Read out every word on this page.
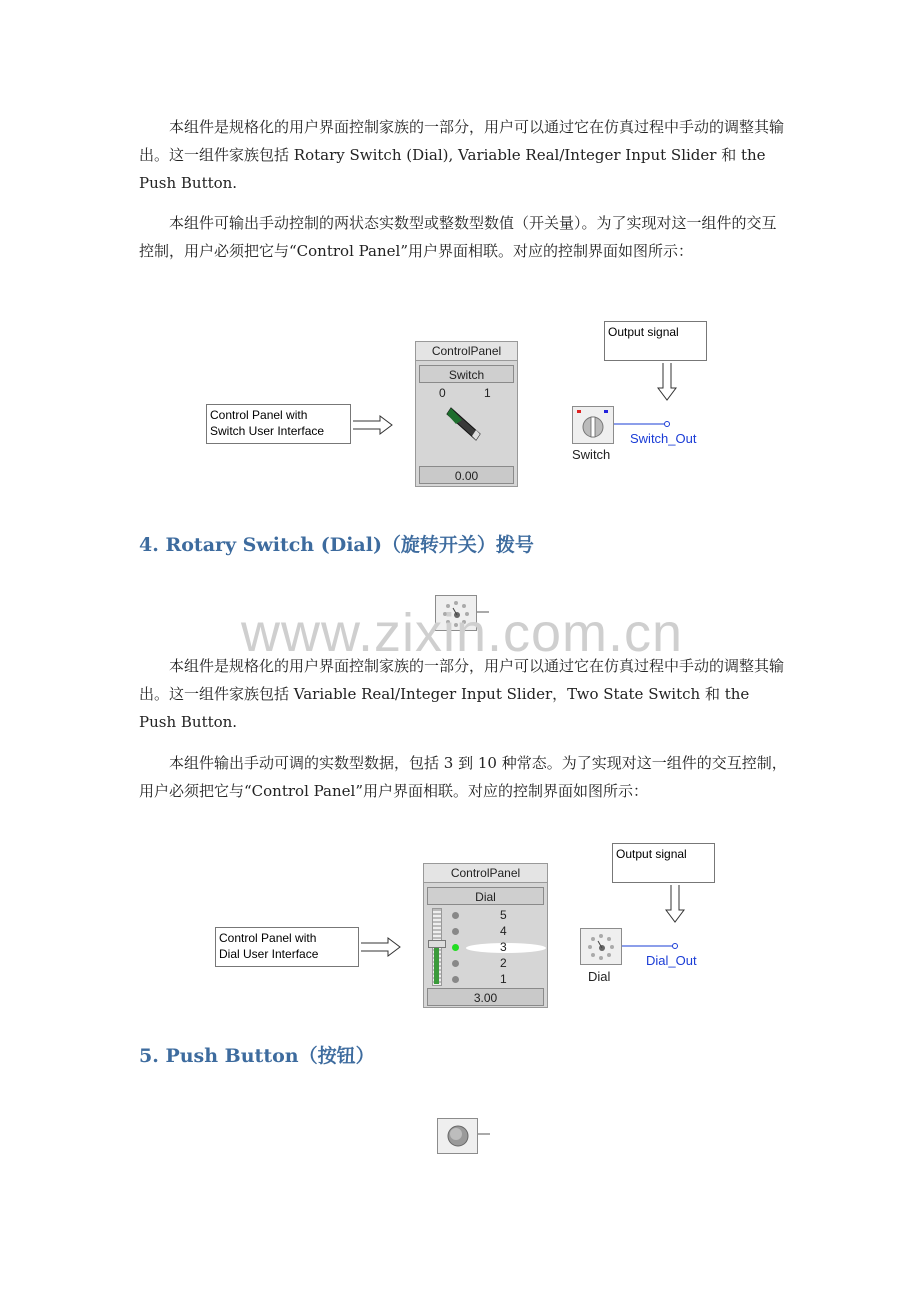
本组件是规格化的用户界面控制家族的一部分，用户可以通过它在仿真过程中手动的调整其输出。这一组件家族包括 Rotary Switch (Dial), Variable Real/Integer Input Slider 和 the Push Button.

本组件可输出手动控制的两状态实数型或整数型数值（开关量）。为了实现对这一组件的交互控制，用户必须把它与“Control Panel”用户界面相联。对应的控制界面如图所示：

Control Panel with
Switch User Interface
ControlPanel
Switch
0	1
0.00
Output signal
Switch
Switch_Out
4. Rotary Switch (Dial)（旋转开关）拨号
www.zixin.com.cn

本组件是规格化的用户界面控制家族的一部分，用户可以通过它在仿真过程中手动的调整其输出。这一组件家族包括 Variable Real/Integer Input Slider，Two State Switch 和 the Push Button.

本组件输出手动可调的实数型数据，包括 3 到 10 种常态。为了实现对这一组件的交互控制，用户必须把它与“Control Panel”用户界面相联。对应的控制界面如图所示：

Control Panel with
Dial User Interface
ControlPanel
Dial
5
4
3
2
1
3.00
Output signal
Dial
Dial_Out
5. Push Button（按钮）
